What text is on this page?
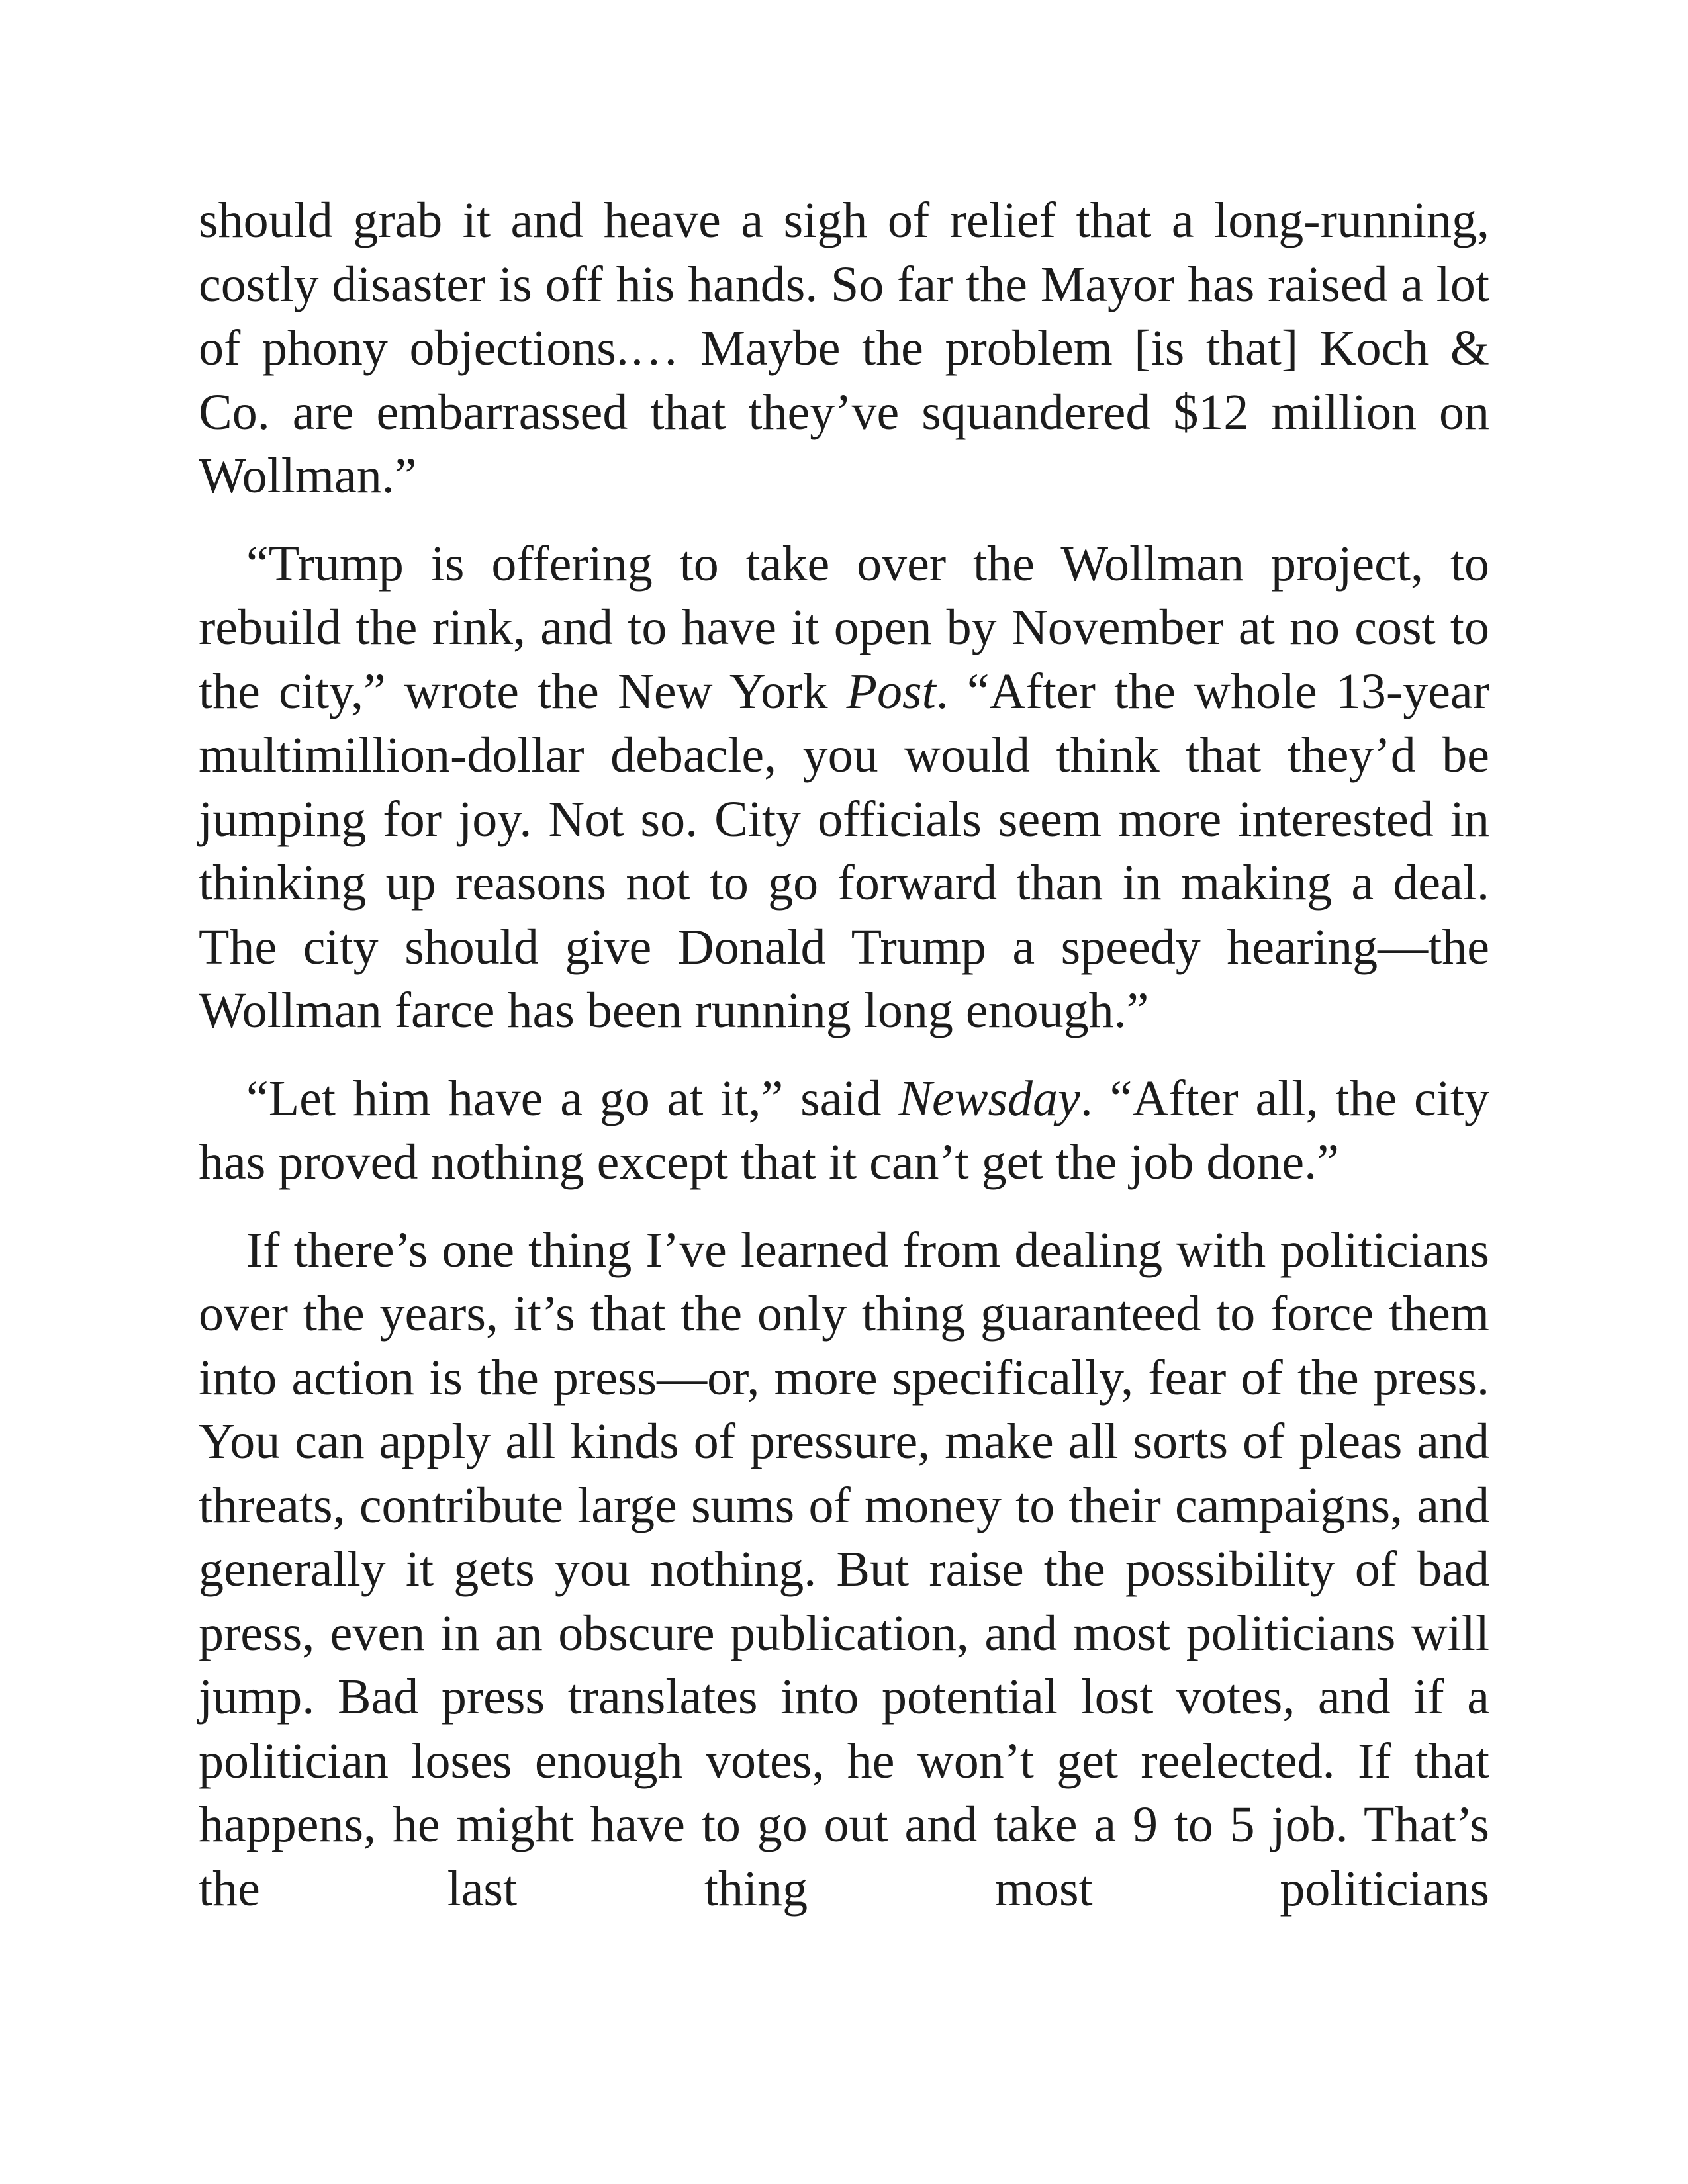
should grab it and heave a sigh of relief that a long-running, costly disaster is off his hands. So far the Mayor has raised a lot of phony objections.… Maybe the problem [is that] Koch & Co. are embarrassed that they’ve squandered $12 million on Wollman.”

“Trump is offering to take over the Wollman project, to rebuild the rink, and to have it open by November at no cost to the city,” wrote the New York Post. “After the whole 13-year multimillion-dollar debacle, you would think that they’d be jumping for joy. Not so. City officials seem more interested in thinking up reasons not to go forward than in making a deal. The city should give Donald Trump a speedy hearing—the Wollman farce has been running long enough.”

“Let him have a go at it,” said Newsday. “After all, the city has proved nothing except that it can’t get the job done.”

If there’s one thing I’ve learned from dealing with politicians over the years, it’s that the only thing guaranteed to force them into action is the press—or, more specifically, fear of the press. You can apply all kinds of pressure, make all sorts of pleas and threats, contribute large sums of money to their campaigns, and generally it gets you nothing. But raise the possibility of bad press, even in an obscure publication, and most politicians will jump. Bad press translates into potential lost votes, and if a politician loses enough votes, he won’t get reelected. If that happens, he might have to go out and take a 9 to 5 job. That’s the last thing most politicians
